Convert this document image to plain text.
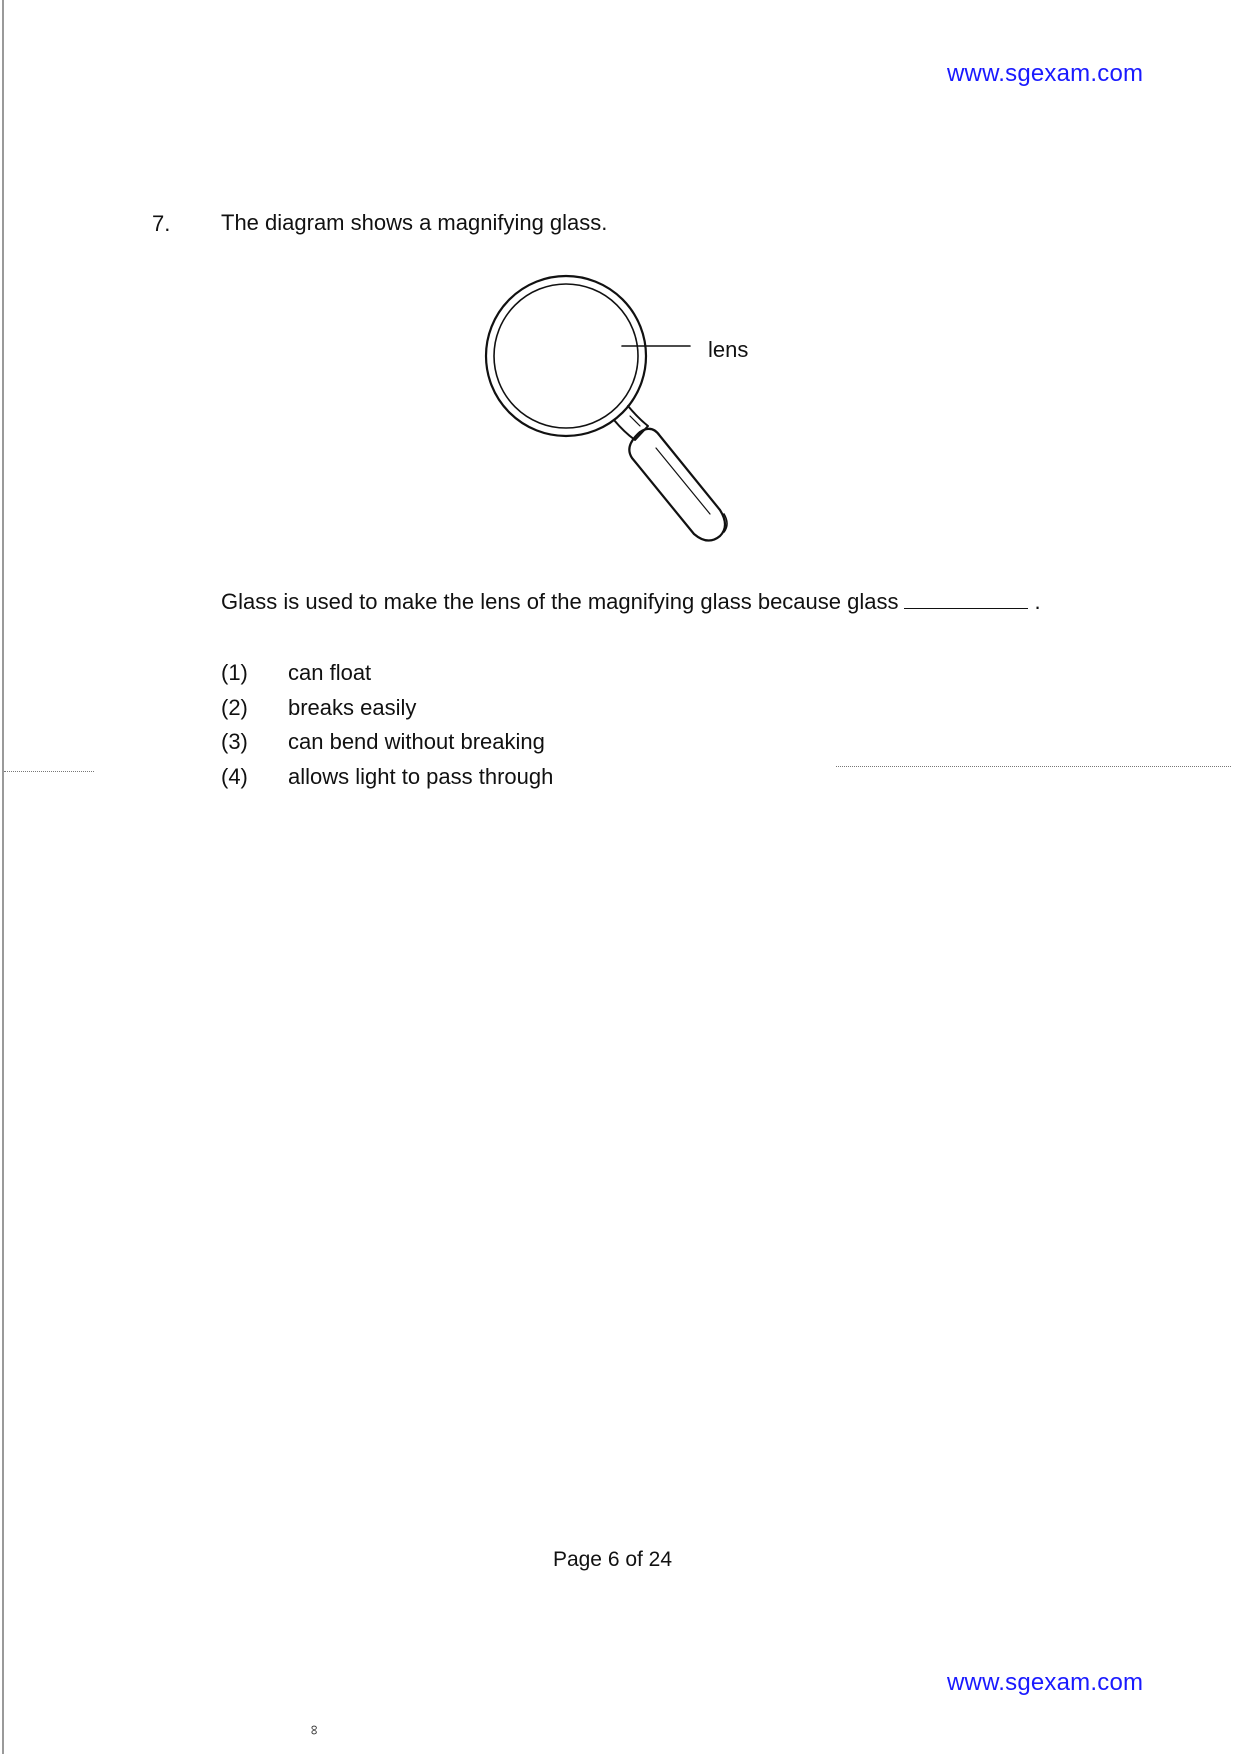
www.sgexam.com
7. The diagram shows a magnifying glass.
lens
Glass is used to make the lens of the magnifying glass because glass	.
(1)	can float
(2)	breaks easily
(3)	can bend without breaking
(4)	allows light to pass through
Page 6 of 24
www.sgexam.com
∞
